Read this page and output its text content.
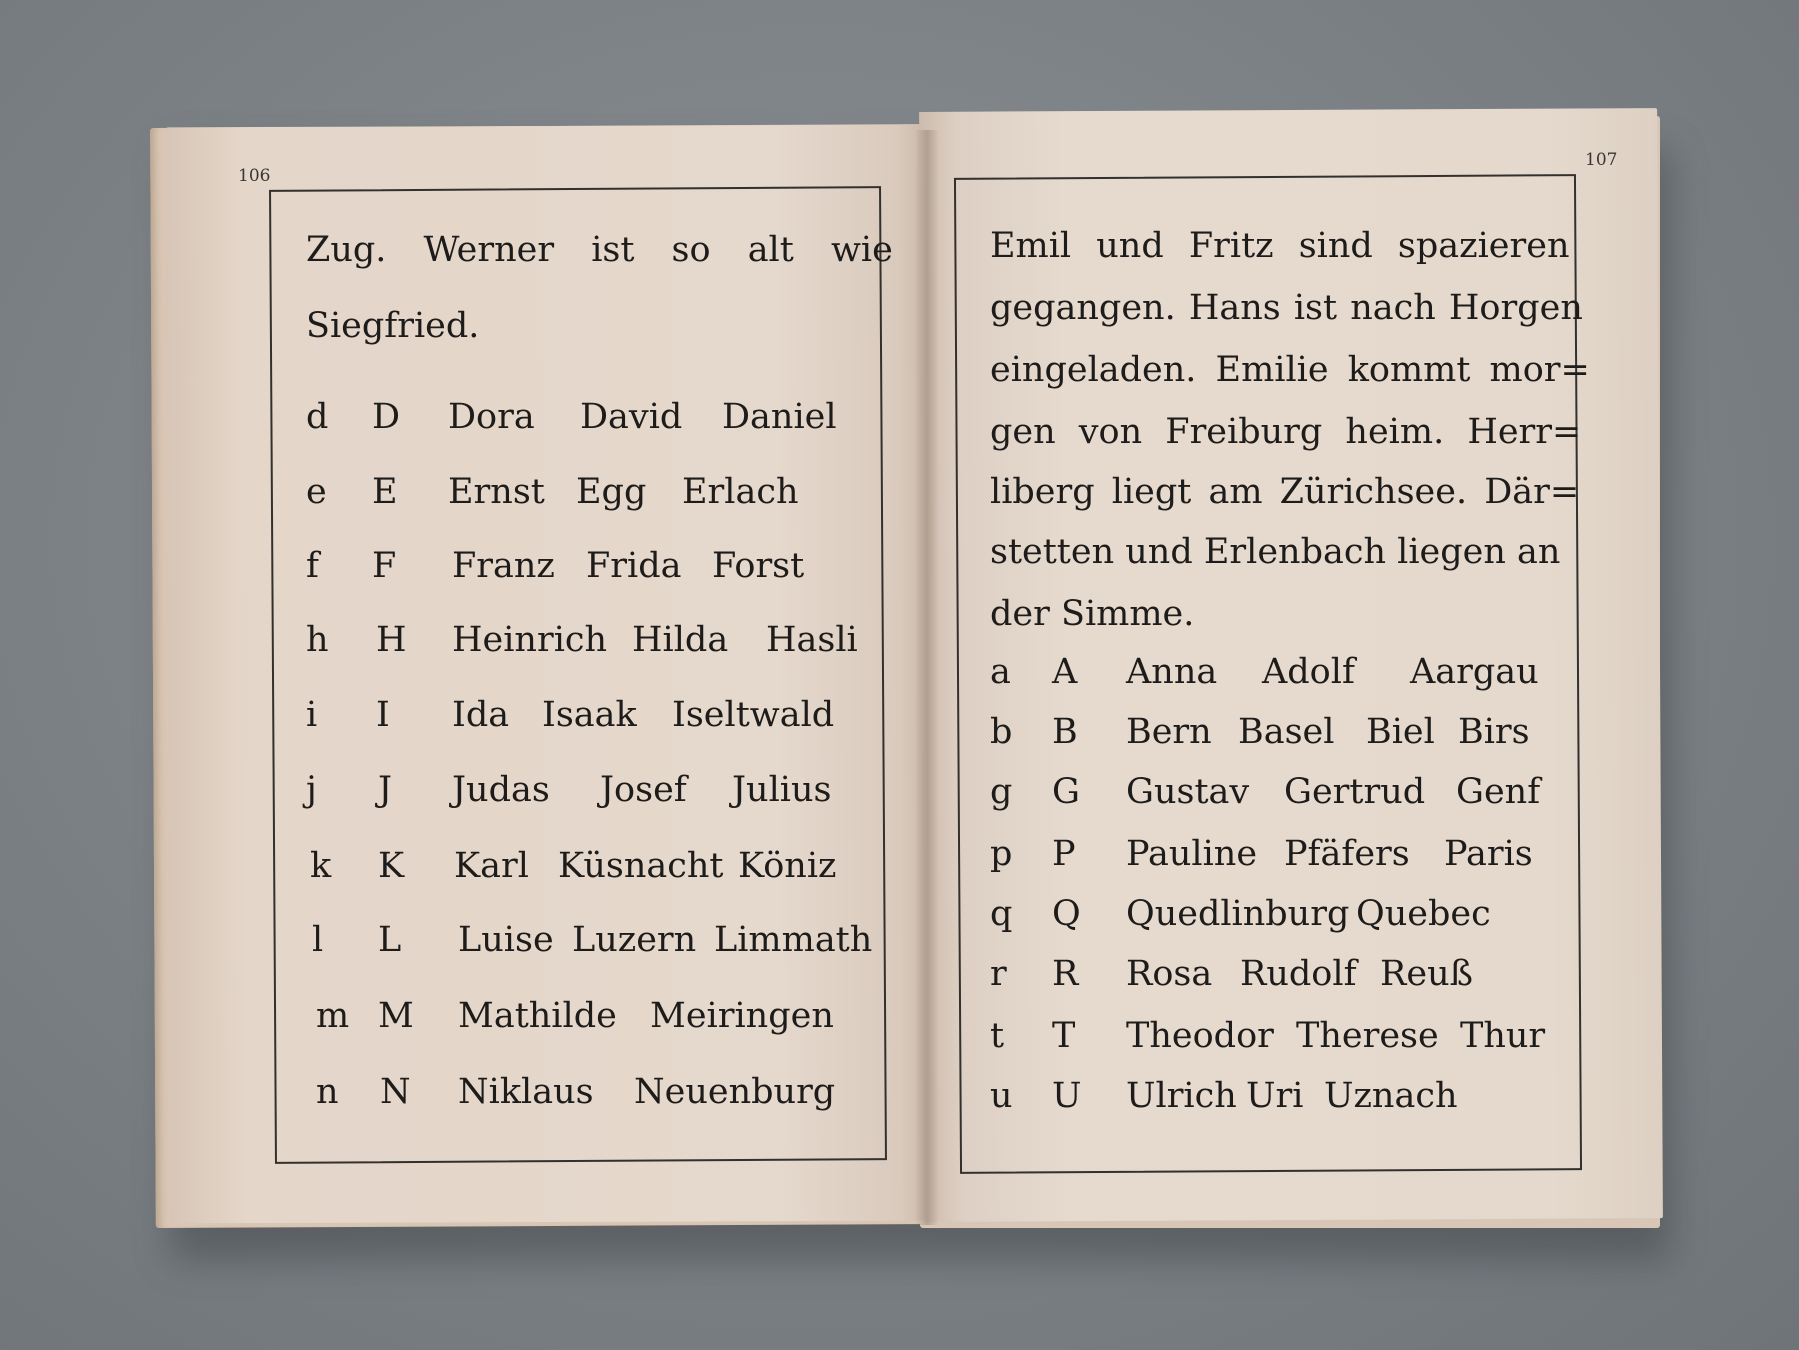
106
107
Zug. Werner ist so alt wie
Siegfried.
d D Dora David Daniel
e E Ernst Egg Erlach
f F Franz Frida Forst
h H Heinrich Hilda Hasli
i I Ida Isaak Iseltwald
j J Judas Josef Julius
k K Karl Küsnacht Köniz
l L Luise Luzern Limmath
m M Mathilde Meiringen
n N Niklaus Neuenburg
Emil und Fritz sind spazieren
gegangen. Hans ist nach Horgen
eingeladen. Emilie kommt mor=
gen von Freiburg heim. Herr=
liberg liegt am Zürichsee. Där=
stetten und Erlenbach liegen an
der Simme.
a A Anna Adolf Aargau
b B Bern Basel Biel Birs
g G Gustav Gertrud Genf
p P Pauline Pfäfers Paris
q Q Quedlinburg Quebec
r R Rosa Rudolf Reuß
t T Theodor Therese Thur
u U Ulrich Uri Uznach
